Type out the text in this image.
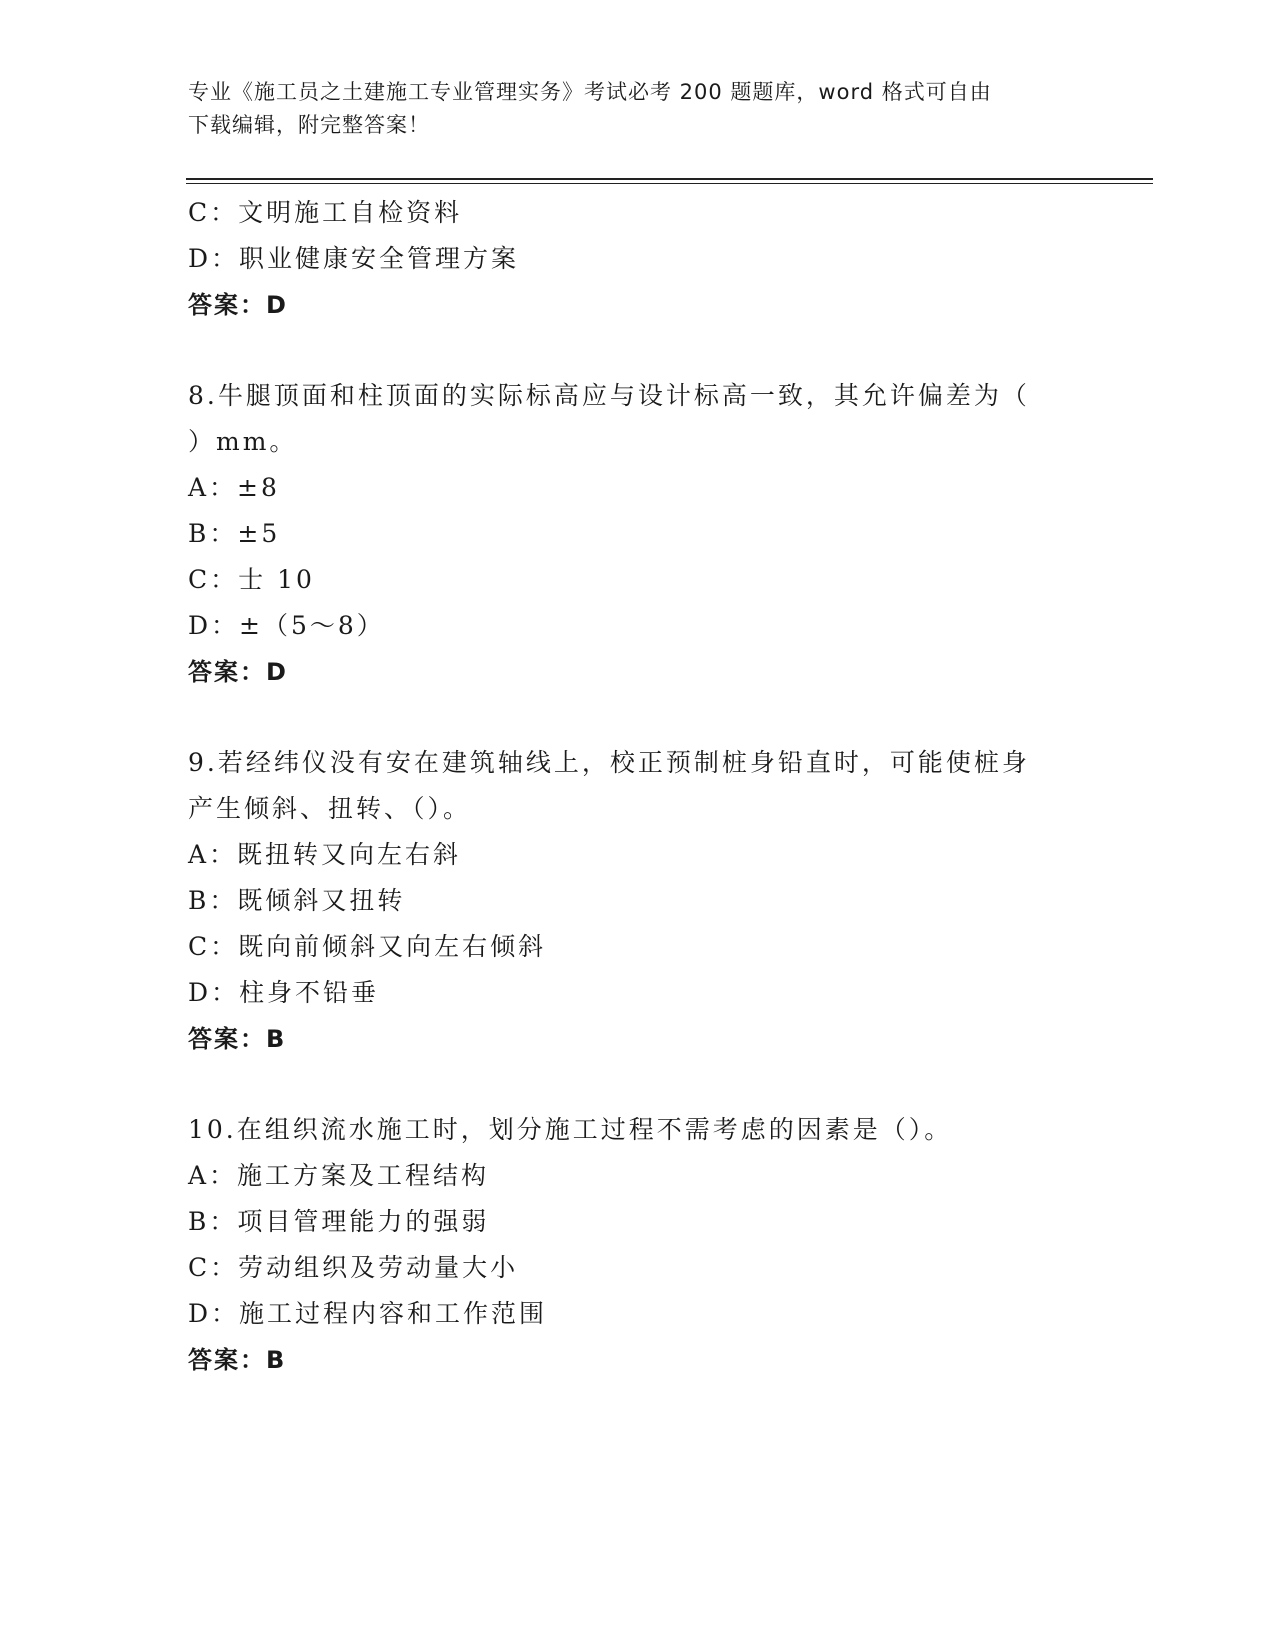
专业《施工员之土建施工专业管理实务》考试必考 200 题题库，word 格式可自由
下载编辑，附完整答案！
C：文明施工自检资料
D：职业健康安全管理方案
答案：D
8.牛腿顶面和柱顶面的实际标高应与设计标高一致，其允许偏差为（
）mm。
A：±8
B：±5
C：士 10
D：±（5～8）
答案：D
9.若经纬仪没有安在建筑轴线上，校正预制桩身铅直时，可能使桩身
产生倾斜、扭转、（）。
A：既扭转又向左右斜
B：既倾斜又扭转
C：既向前倾斜又向左右倾斜
D：柱身不铅垂
答案：B
10.在组织流水施工时，划分施工过程不需考虑的因素是（）。
A：施工方案及工程结构
B：项目管理能力的强弱
C：劳动组织及劳动量大小
D：施工过程内容和工作范围
答案：B
